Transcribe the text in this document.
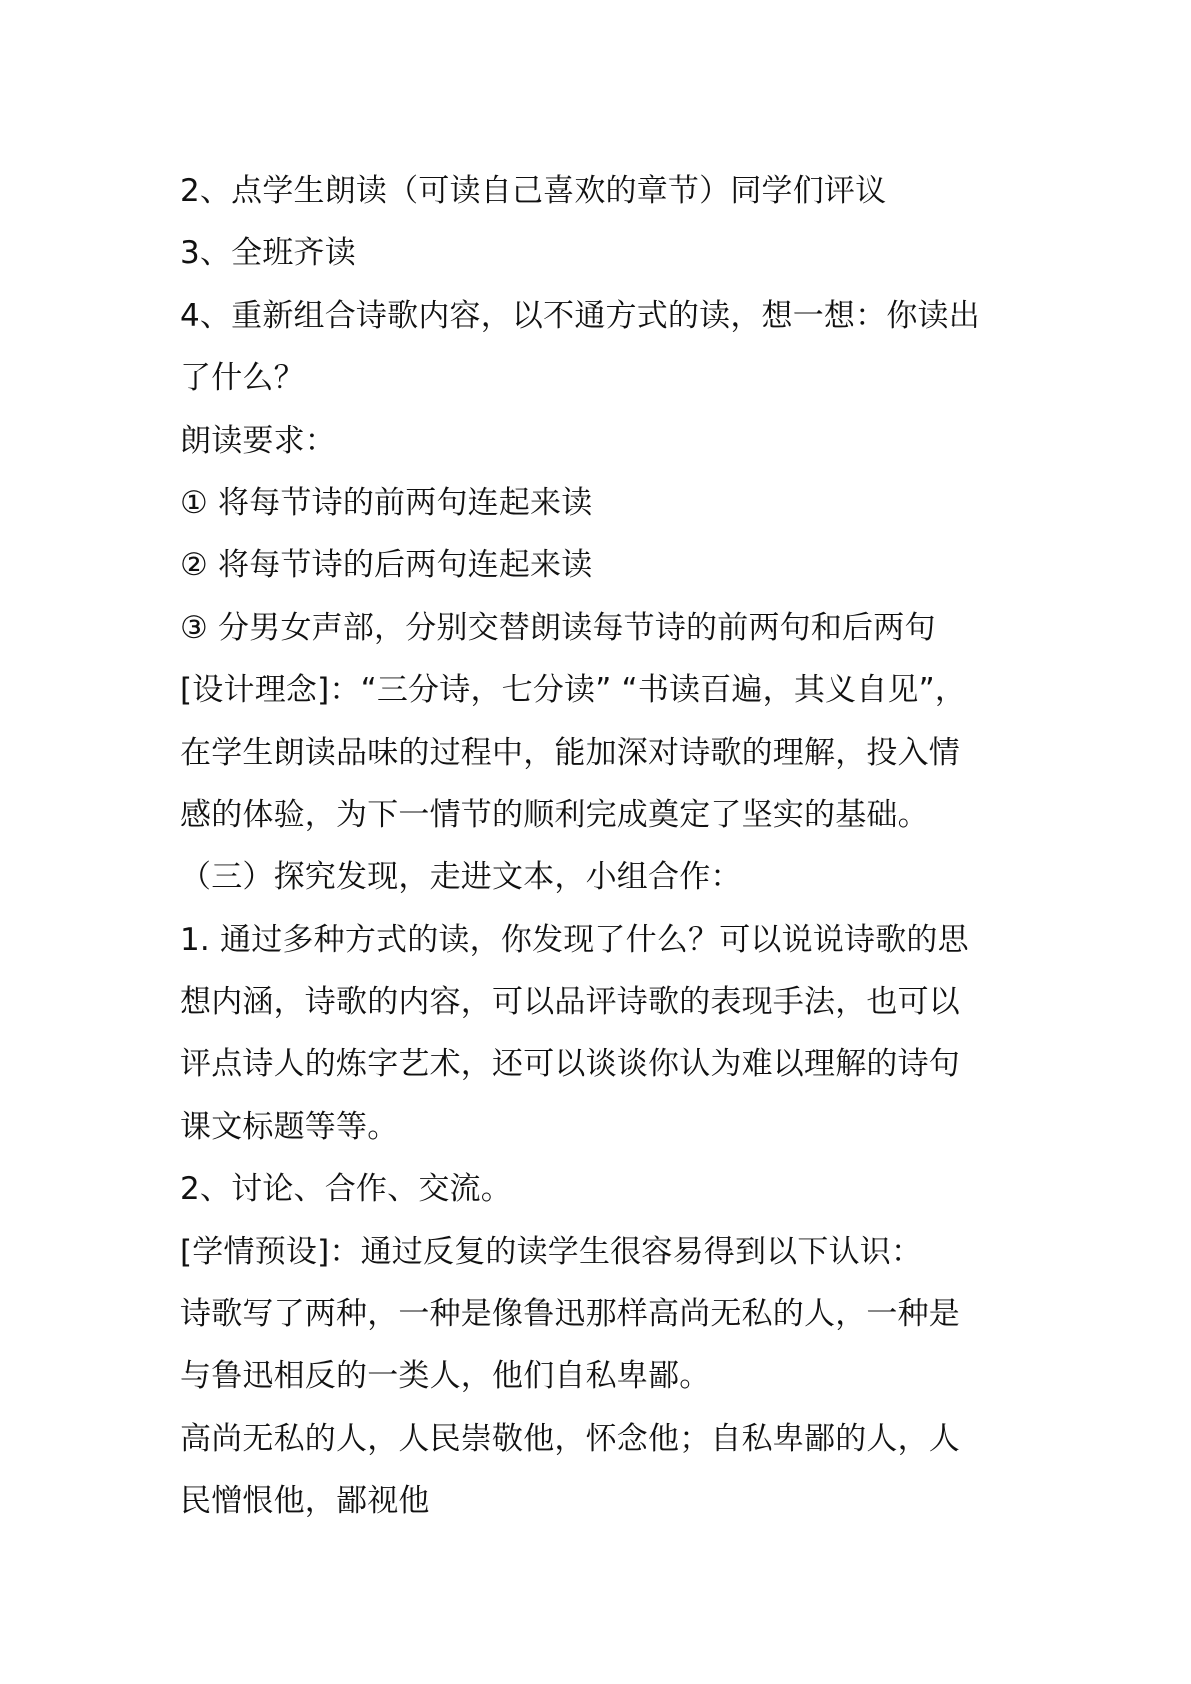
2、点学生朗读（可读自己喜欢的章节）同学们评议
3、全班齐读
4、重新组合诗歌内容，以不通方式的读，想一想：你读出
了什么？
朗读要求：
① 将每节诗的前两句连起来读
② 将每节诗的后两句连起来读
③ 分男女声部，分别交替朗读每节诗的前两句和后两句
[设计理念]：“三分诗，七分读” “书读百遍，其义自见”，
在学生朗读品味的过程中，能加深对诗歌的理解，投入情
感的体验，为下一情节的顺利完成奠定了坚实的基础。
（三）探究发现，走进文本，小组合作：
1. 通过多种方式的读，你发现了什么？可以说说诗歌的思
想内涵，诗歌的内容，可以品评诗歌的表现手法，也可以
评点诗人的炼字艺术，还可以谈谈你认为难以理解的诗句
课文标题等等。
2、讨论、合作、交流。
[学情预设]：通过反复的读学生很容易得到以下认识：
诗歌写了两种，一种是像鲁迅那样高尚无私的人，一种是
与鲁迅相反的一类人，他们自私卑鄙。
高尚无私的人，人民崇敬他，怀念他；自私卑鄙的人，人
民憎恨他，鄙视他
